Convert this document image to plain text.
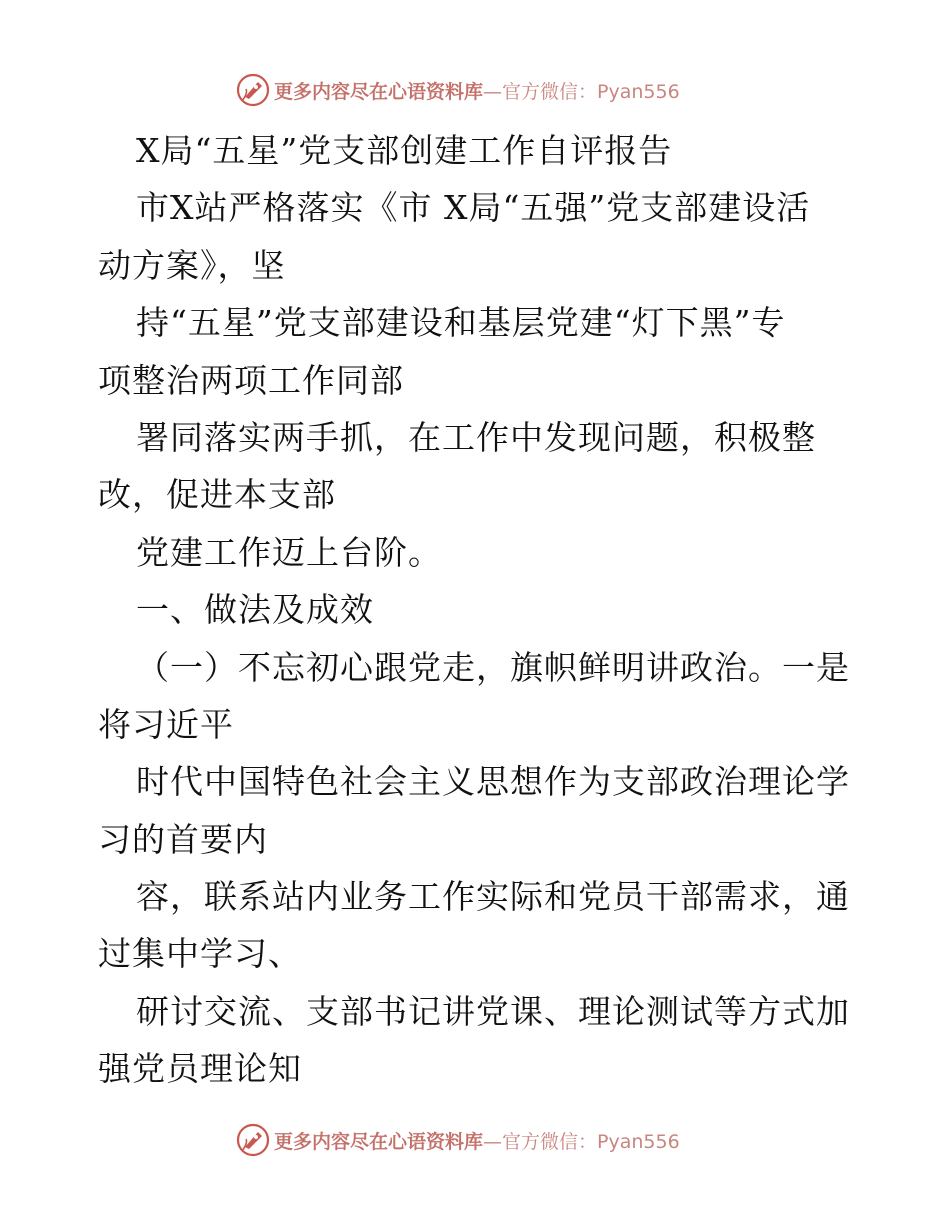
更多内容尽在心语资料库—官方微信：Pyan556
X局“五星”党支部创建工作自评报告
市X站严格落实《市 X局“五强”党支部建设活
动方案》，坚
持“五星”党支部建设和基层党建“灯下黑”专
项整治两项工作同部
署同落实两手抓，在工作中发现问题，积极整
改，促进本支部
党建工作迈上台阶。
一、做法及成效
（一）不忘初心跟党走，旗帜鲜明讲政治。一是
将习近平
时代中国特色社会主义思想作为支部政治理论学
习的首要内
容，联系站内业务工作实际和党员干部需求，通
过集中学习、
研讨交流、支部书记讲党课、理论测试等方式加
强党员理论知
更多内容尽在心语资料库—官方微信：Pyan556
